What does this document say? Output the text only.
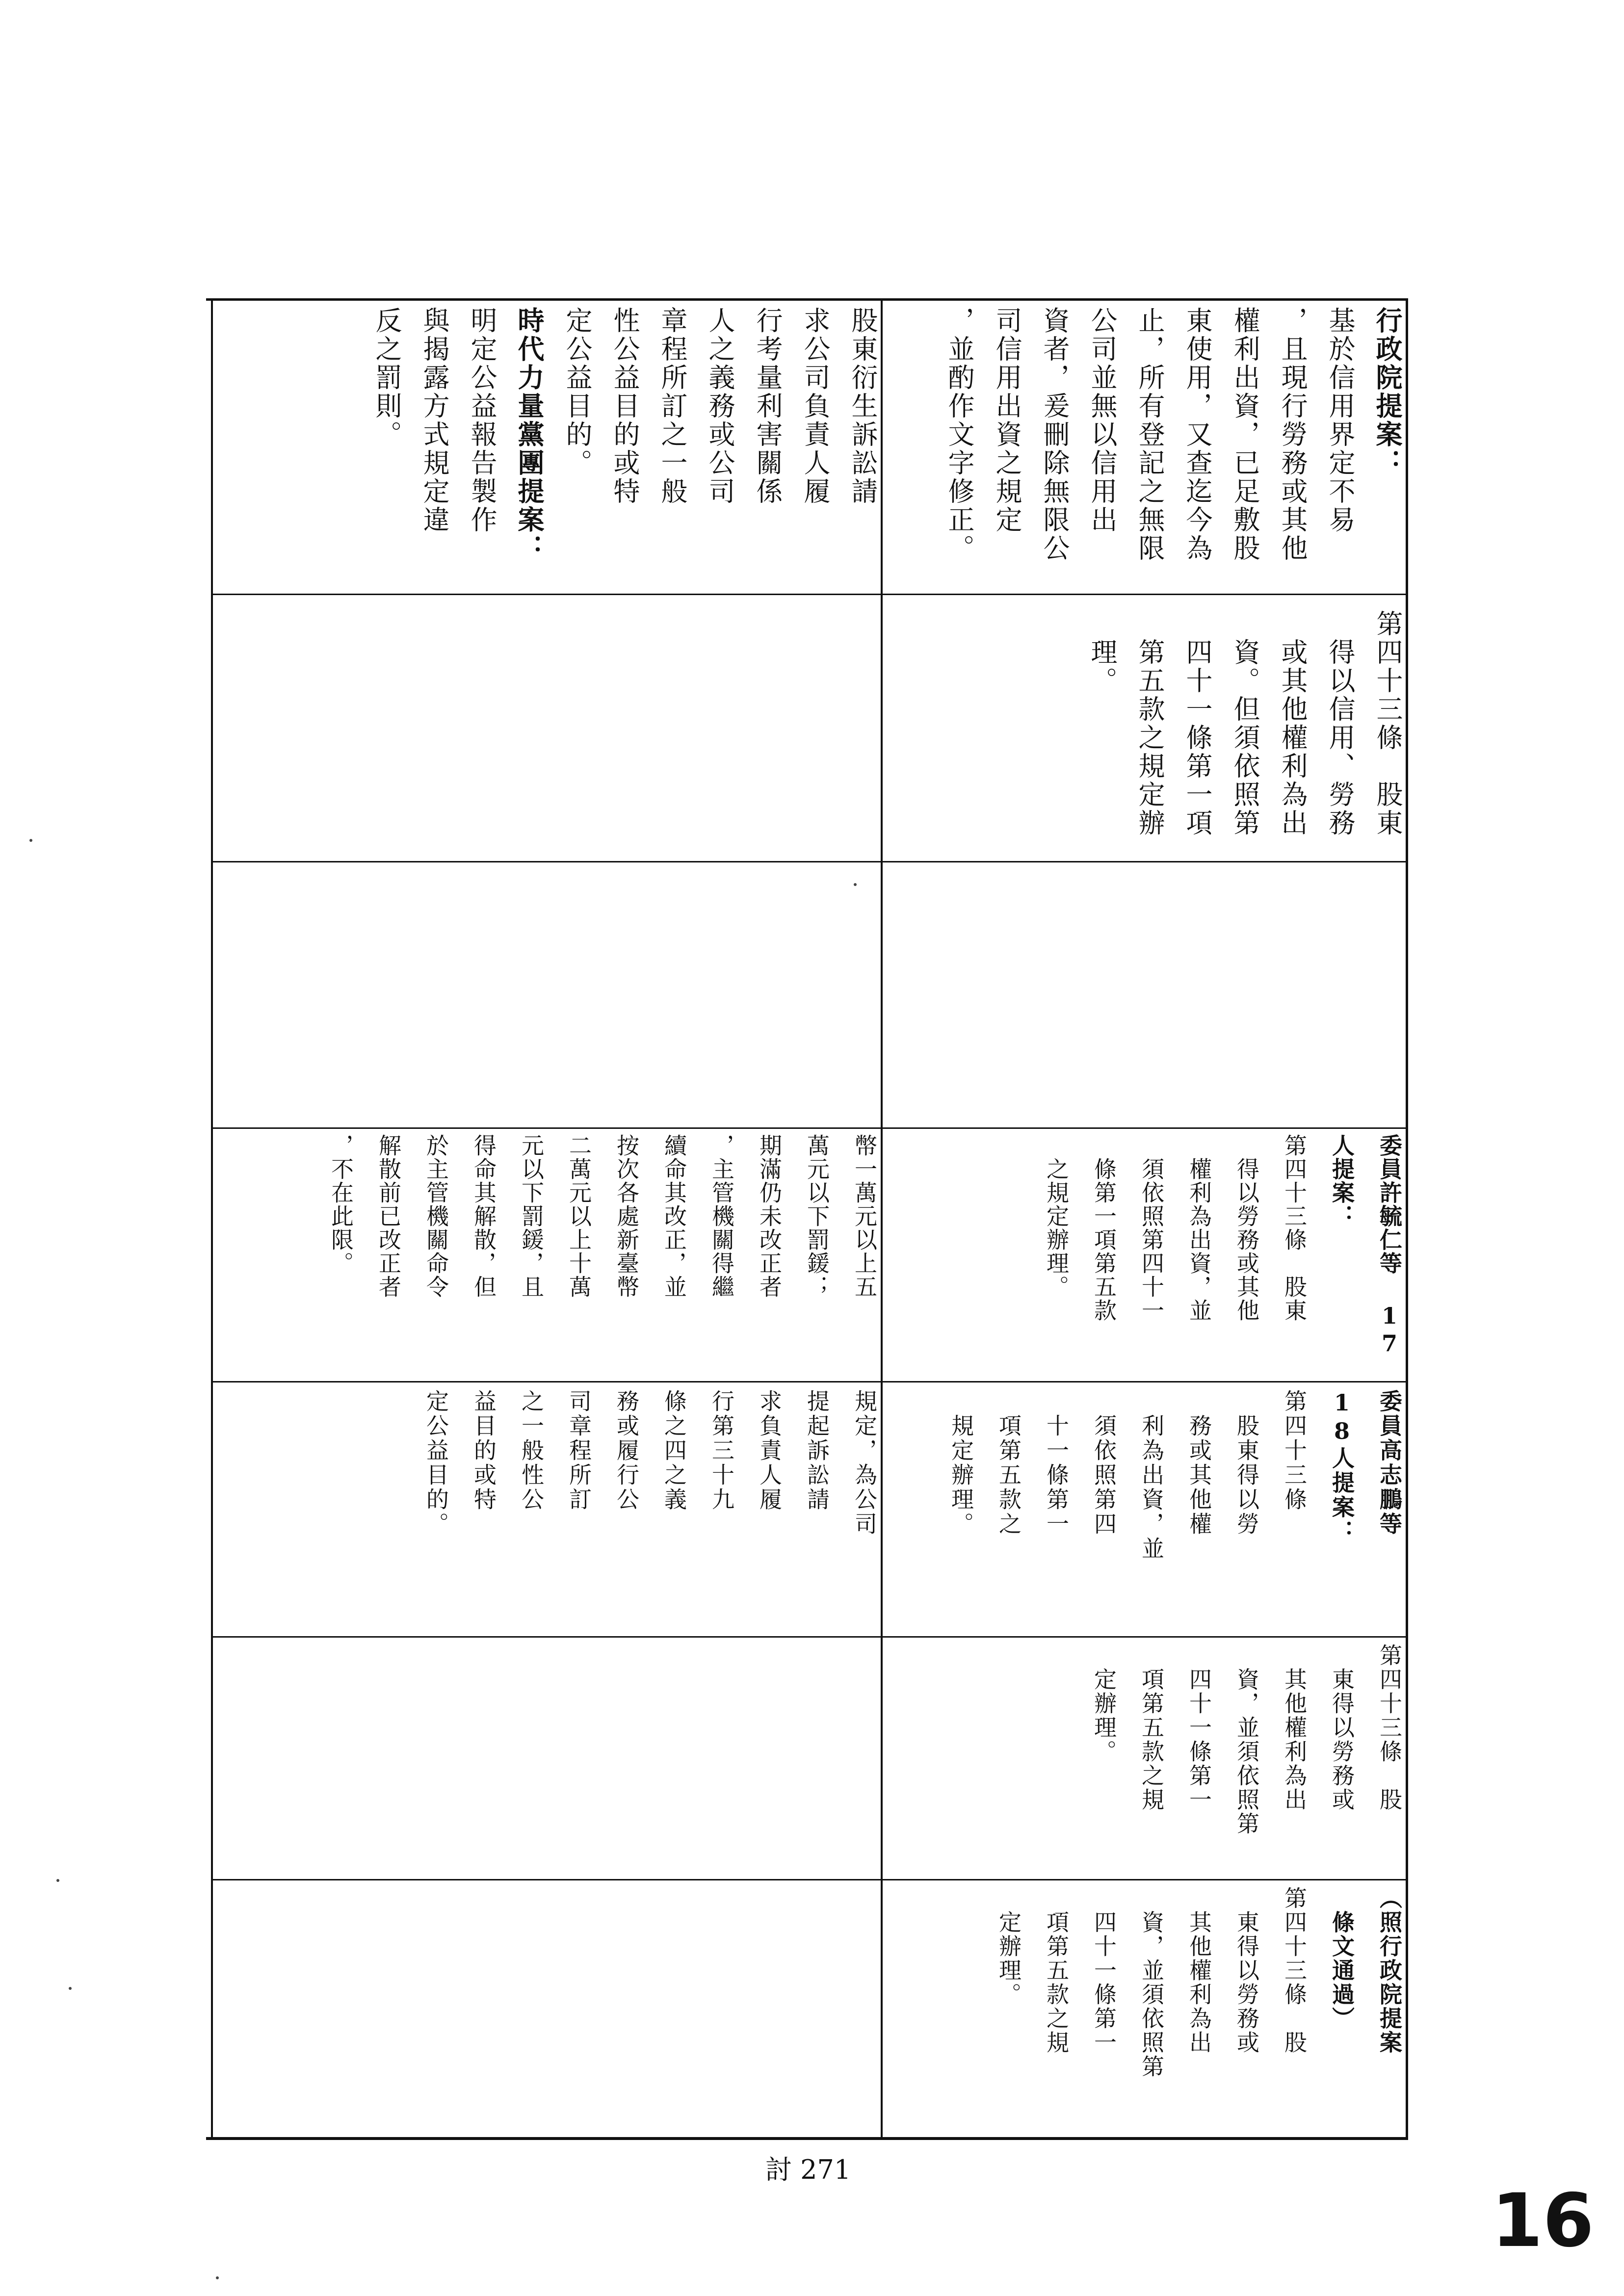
股東衍生訴訟請
求公司負責人履
行考量利害關係
人之義務或公司
章程所訂之一般
性公益目的或特
定公益目的。
時代力量黨團提案：
明定公益報告製作
與揭露方式規定違
反之罰則。
第四十三條　股東
　得以信用、勞務
　或其他權利為出
　資。但須依照第
　四十一條第一項
　第五款之規定辦
　理。
行政院提案：
基於信用界定不易
，且現行勞務或其他
權利出資，已足敷股
東使用，又查迄今為
止，所有登記之無限
公司並無以信用出
資者，爰刪除無限公
司信用出資之規定
，並酌作文字修正。
幣一萬元以上五
萬元以下罰鍰；
期滿仍未改正者
，主管機關得繼
續命其改正，並
按次各處新臺幣
二萬元以上十萬
元以下罰鍰，且
得命其解散，但
於主管機關命令
解散前已改正者
，不在此限。	委員許毓仁等 17
人提案：
第四十三條　股東
　得以勞務或其他
　權利為出資，並
　須依照第四十一
　條第一項第五款
　之規定辦理。
規定，為公司
提起訴訟請
求負責人履
行第三十九
條之四之義
務或履行公
司章程所訂
之一般性公
益目的或特
定公益目的。	委員高志鵬等
18人提案：
第四十三條
　股東得以勞
　務或其他權
　利為出資，並
　須依照第四
　十一條第一
　項第五款之
　規定辦理。
第四十三條　股
　東得以勞務或
　其他權利為出
　資，並須依照第
　四十一條第一
　項第五款之規
　定辦理。
（照行政院提案
　條文通過）
第四十三條　股
　東得以勞務或
　其他權利為出
　資，並須依照第
　四十一條第一
　項第五款之規
　定辦理。
討 271
16
